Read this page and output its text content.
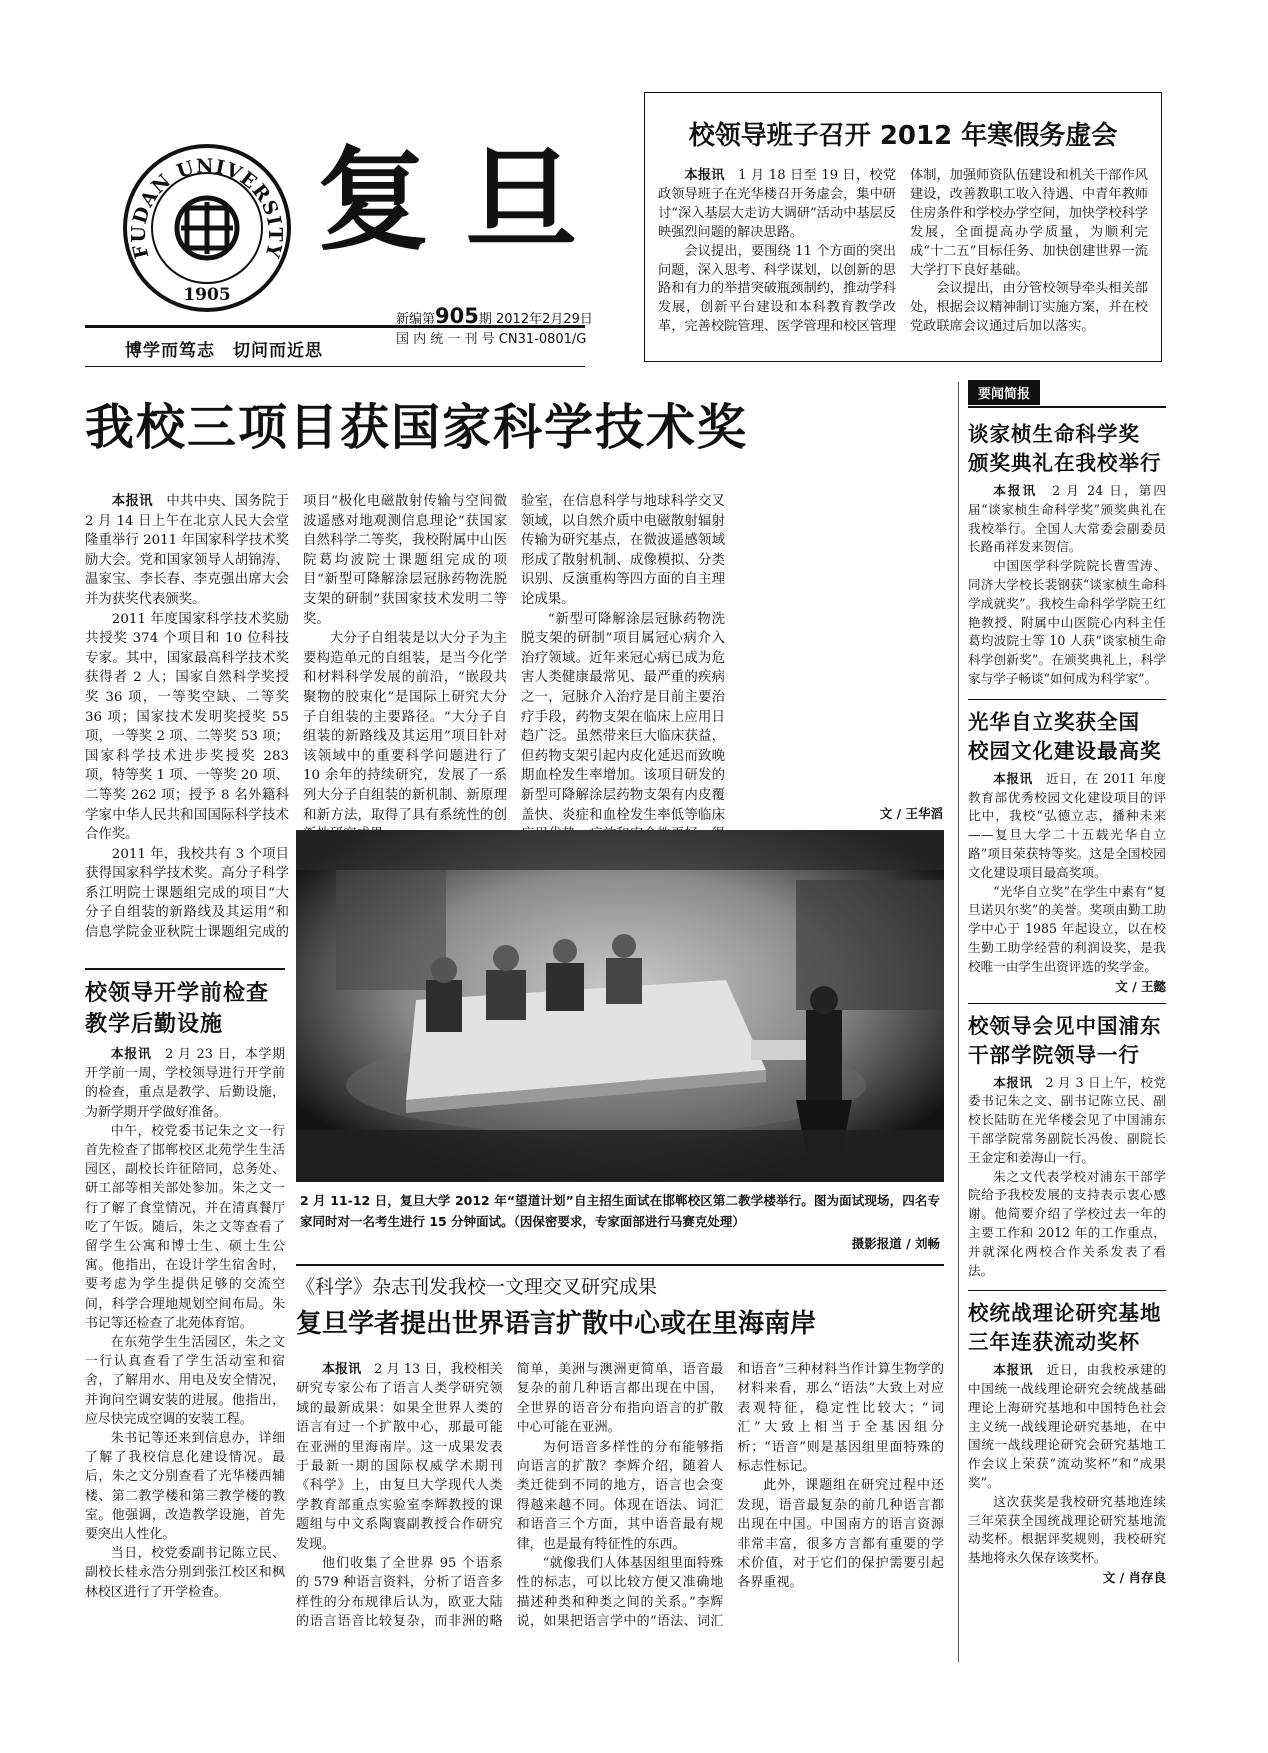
FUDAN UNIVERSITY
1905
复旦
博学而笃志　切问而近思
新编第905期 2012年2月29日
国 内 统 一 刊 号 CN31-0801/G
校领导班子召开 2012 年寒假务虚会

本报讯　 1 月 18 日至 19 日，校党政领导班子在光华楼召开务虚会，集中研讨“深入基层大走访大调研”活动中基层反映强烈问题的解决思路。

会议提出，要围绕 11 个方面的突出问题，深入思考、科学谋划，以创新的思路和有力的举措突破瓶颈制约，推动学科发展，创新平台建设和本科教育教学改革，完善校院管理、医学管理和校区管理体制，加强师资队伍建设和机关干部作风建设，改善教职工收入待遇、中青年教师住房条件和学校办学空间，加快学校科学发展，全面提高办学质量，为顺利完成“十二五”目标任务、加快创建世界一流大学打下良好基础。

会议提出，由分管校领导牵头相关部处，根据会议精神制订实施方案，并在校党政联席会议通过后加以落实。

我校三项目获国家科学技术奖

本报讯　 中共中央、国务院于 2 月 14 日上午在北京人民大会堂隆重举行 2011 年国家科学技术奖励大会。党和国家领导人胡锦涛、温家宝、李长春、李克强出席大会并为获奖代表颁奖。

2011 年度国家科学技术奖励共授奖 374 个项目和 10 位科技专家。其中，国家最高科学技术奖获得者 2 人；国家自然科学奖授奖 36 项，一等奖空缺、二等奖 36 项；国家技术发明奖授奖 55 项，一等奖 2 项、二等奖 53 项；国家科学技术进步奖授奖 283 项，特等奖 1 项、一等奖 20 项、二等奖 262 项；授予 8 名外籍科学家中华人民共和国国际科学技术合作奖。

2011 年，我校共有 3 个项目获得国家科学技术奖。高分子科学系江明院士课题组完成的项目“大分子自组装的新路线及其运用”和信息学院金亚秋院士课题组完成的项目“极化电磁散射传输与空间微波遥感对地观测信息理论”获国家自然科学二等奖，我校附属中山医院葛均波院士课题组完成的项目“新型可降解涂层冠脉药物洗脱支架的研制”获国家技术发明二等奖。

大分子自组装是以大分子为主要构造单元的自组装，是当今化学和材料科学发展的前沿，“嵌段共聚物的胶束化”是国际上研究大分子自组装的主要路径。“大分子自组装的新路线及其运用”项目针对该领域中的重要科学问题进行了 10 余年的持续研究，发展了一系列大分子自组装的新机制、新原理和新方法，取得了具有系统性的创

验室，在信息科学与地球科学交叉领域，以自然介质中电磁散射辐射传输为研究基点，在微波遥感领域形成了散射机制、成像模拟、分类识别、反演重构等四方面的自主理论成果。

“新型可降解涂层冠脉药物洗脱支架的研制”项目属冠心病介入治疗领域。近年来冠心病已成为危害人类健康最常见、最严重的疾病之一，冠脉介入治疗是目前主要治疗手段，药物支架在临床上应用日趋广泛。虽然带来巨大临床获益，但药物支架引起内皮化延迟而致晚期血栓发生率增加。该项目研发的新型可降解涂层药物支架有内皮覆盖快、炎症和血栓发生率低等临床	文 / 王华滔
2 月 11-12 日，复旦大学 2012 年“望道计划”自主招生面试在邯郸校区第二教学楼举行。图为面试现场，四名专家同时对一名考生进行 15 分钟面试。（因保密要求，专家面部进行马赛克处理）
摄影报道 / 刘畅
校领导开学前检查教学后勤设施

本报讯　 2 月 23 日，本学期开学前一周，学校领导进行开学前的检查，重点是教学、后勤设施，为新学期开学做好准备。

中午，校党委书记朱之文一行首先检查了邯郸校区北苑学生生活园区，副校长许征陪同，总务处、研工部等相关部处参加。朱之文一行了解了食堂情况，并在清真餐厅吃了午饭。随后，朱之文等查看了留学生公寓和博士生、硕士生公寓。他指出，在设计学生宿舍时，要考虑为学生提供足够的交流空间，科学合理地规划空间布局。朱书记等还检查了北苑体育馆。

在东苑学生生活园区，朱之文一行认真查看了学生活动室和宿舍，了解用水、用电及安全情况，并询问空调安装的进展。他指出，应尽快完成空调的安装工程。

朱书记等还来到信息办，详细了解了我校信息化建设情况。最后，朱之文分别查看了光华楼西辅楼、第二教学楼和第三教学楼的教室。他强调，改造教学设施，首先要突出人性化。

当日，校党委副书记陈立民、副校长桂永浩分别到张江校区和枫林校区进行了开学检查。

《科学》杂志刊发我校一文理交叉研究成果
复旦学者提出世界语言扩散中心或在里海南岸

本报讯　 2 月 13 日，我校相关研究专家公布了语言人类学研究领域的最新成果：如果全世界人类的语言有过一个扩散中心，那最可能在亚洲的里海南岸。这一成果发表于最新一期的国际权威学术期刊《科学》上，由复旦大学现代人类学教育部重点实验室李辉教授的课题组与中文系陶寰副教授合作研究发现。

他们收集了全世界 95 个语系的 579 种语言资料，分析了语音多样性的分布规律后认为，欧亚大陆的语言语音比较复杂，而非洲的略简单，美洲与澳洲更简单，语音最复杂的前几种语言都出现在中国，全世界的语音分布指向语言的扩散中心可能在亚洲。

为何语音多样性的分布能够指向语言的扩散？李辉介绍，随着人类迁徙到不同的地方，语言也会变得越来越不同。体现在语法、词汇和语音三个方面，其中语音最有规律，也是最有特征性的东西。

“就像我们人体基因组里面特殊性的标志，可以比较方便又准确地描述种类和种类之间的关系。”李辉说，如果把语言学中的“语法、词汇和语音”三种材料当作计算生物学的材料来看，那么“语法”大致上对应表观特征，稳定性比较大；“词汇”大致上相当于全基因组分析；“语音”则是基因组里面特殊的标志性标记。

此外，课题组在研究过程中还发现，语音最复杂的前几种语言都出现在中国。中国南方的语言资源非常丰富，很多方言都有重要的学术价值，对于它们的保护需要引起各界重视。

要闻简报
谈家桢生命科学奖
颁奖典礼在我校举行

本报讯　 2 月 24 日，第四届“谈家桢生命科学奖”颁奖典礼在我校举行。全国人大常委会副委员长路甬祥发来贺信。

中国医学科学院院长曹雪涛、同济大学校长裴钢获“谈家桢生命科学成就奖”。我校生命科学学院王红艳教授、附属中山医院心内科主任葛均波院士等 10 人获“谈家桢生命科学创新奖”。在颁奖典礼上，科学家与学子畅谈“如何成为科学家”。

光华自立奖获全国
校园文化建设最高奖

本报讯　 近日，在 2011 年度教育部优秀校园文化建设项目的评比中，我校“弘德立志，播种未来——复旦大学二十五载光华自立路”项目荣获特等奖。这是全国校园文化建设项目最高奖项。

“光华自立奖”在学生中素有“复旦诺贝尔奖”的美誉。奖项由勤工助学中心于 1985 年起设立，以在校生勤工助学经营的利润设奖，是我校唯一由学生出资评选的奖学金。

文 / 王懿
校领导会见中国浦东
干部学院领导一行

本报讯　 2 月 3 日上午，校党委书记朱之文、副书记陈立民、副校长陆昉在光华楼会见了中国浦东干部学院常务副院长冯俊、副院长王金定和姜海山一行。

朱之文代表学校对浦东干部学院给予我校发展的支持表示衷心感谢。他简要介绍了学校过去一年的主要工作和 2012 年的工作重点，并就深化两校合作关系发表了看法。

校统战理论研究基地
三年连获流动奖杯

本报讯　 近日，由我校承建的中国统一战线理论研究会统战基础理论上海研究基地和中国特色社会主义统一战线理论研究基地，在中国统一战线理论研究会研究基地工作会议上荣获“流动奖杯”和“成果奖”。

这次获奖是我校研究基地连续三年荣获全国统战理论研究基地流动奖杯。根据评奖规则，我校研究基地将永久保存该奖杯。

文 / 肖存良
